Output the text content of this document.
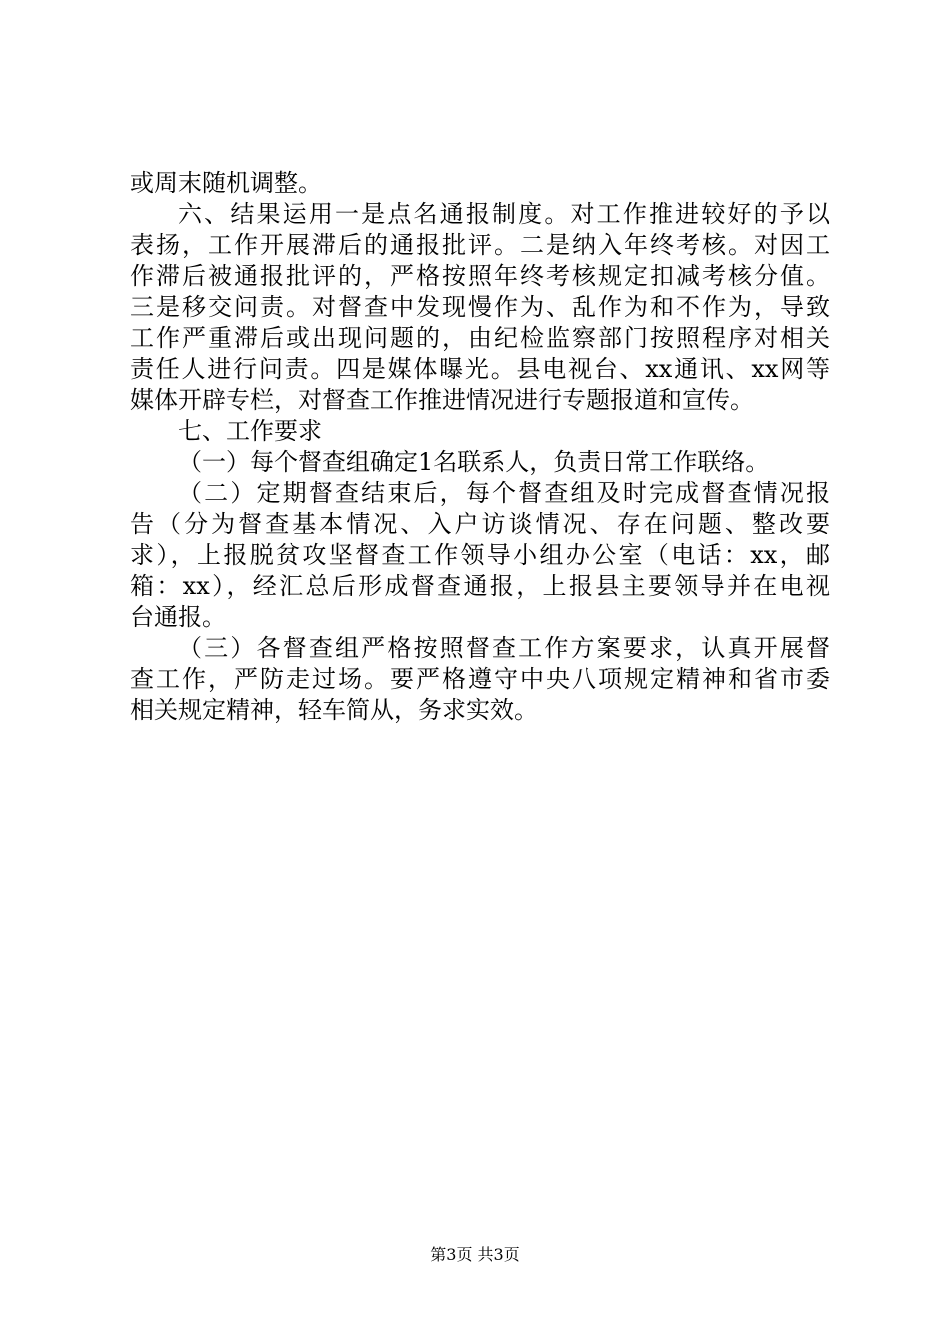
或周末随机调整。
六、结果运用一是点名通报制度。对工作推进较好的予以
表扬，工作开展滞后的通报批评。二是纳入年终考核。对因工
作滞后被通报批评的，严格按照年终考核规定扣减考核分值。
三是移交问责。对督查中发现慢作为、乱作为和不作为，导致
工作严重滞后或出现问题的，由纪检监察部门按照程序对相关
责任人进行问责。四是媒体曝光。县电视台、xx通讯、xx网等
媒体开辟专栏，对督查工作推进情况进行专题报道和宣传。
七、工作要求
（一）每个督查组确定1名联系人，负责日常工作联络。
（二）定期督查结束后，每个督查组及时完成督查情况报
告（分为督查基本情况、入户访谈情况、存在问题、整改要
求），上报脱贫攻坚督查工作领导小组办公室（电话：xx，邮
箱：xx），经汇总后形成督查通报，上报县主要领导并在电视
台通报。
（三）各督查组严格按照督查工作方案要求，认真开展督
查工作，严防走过场。要严格遵守中央八项规定精神和省市委
相关规定精神，轻车简从，务求实效。
第3页 共3页
